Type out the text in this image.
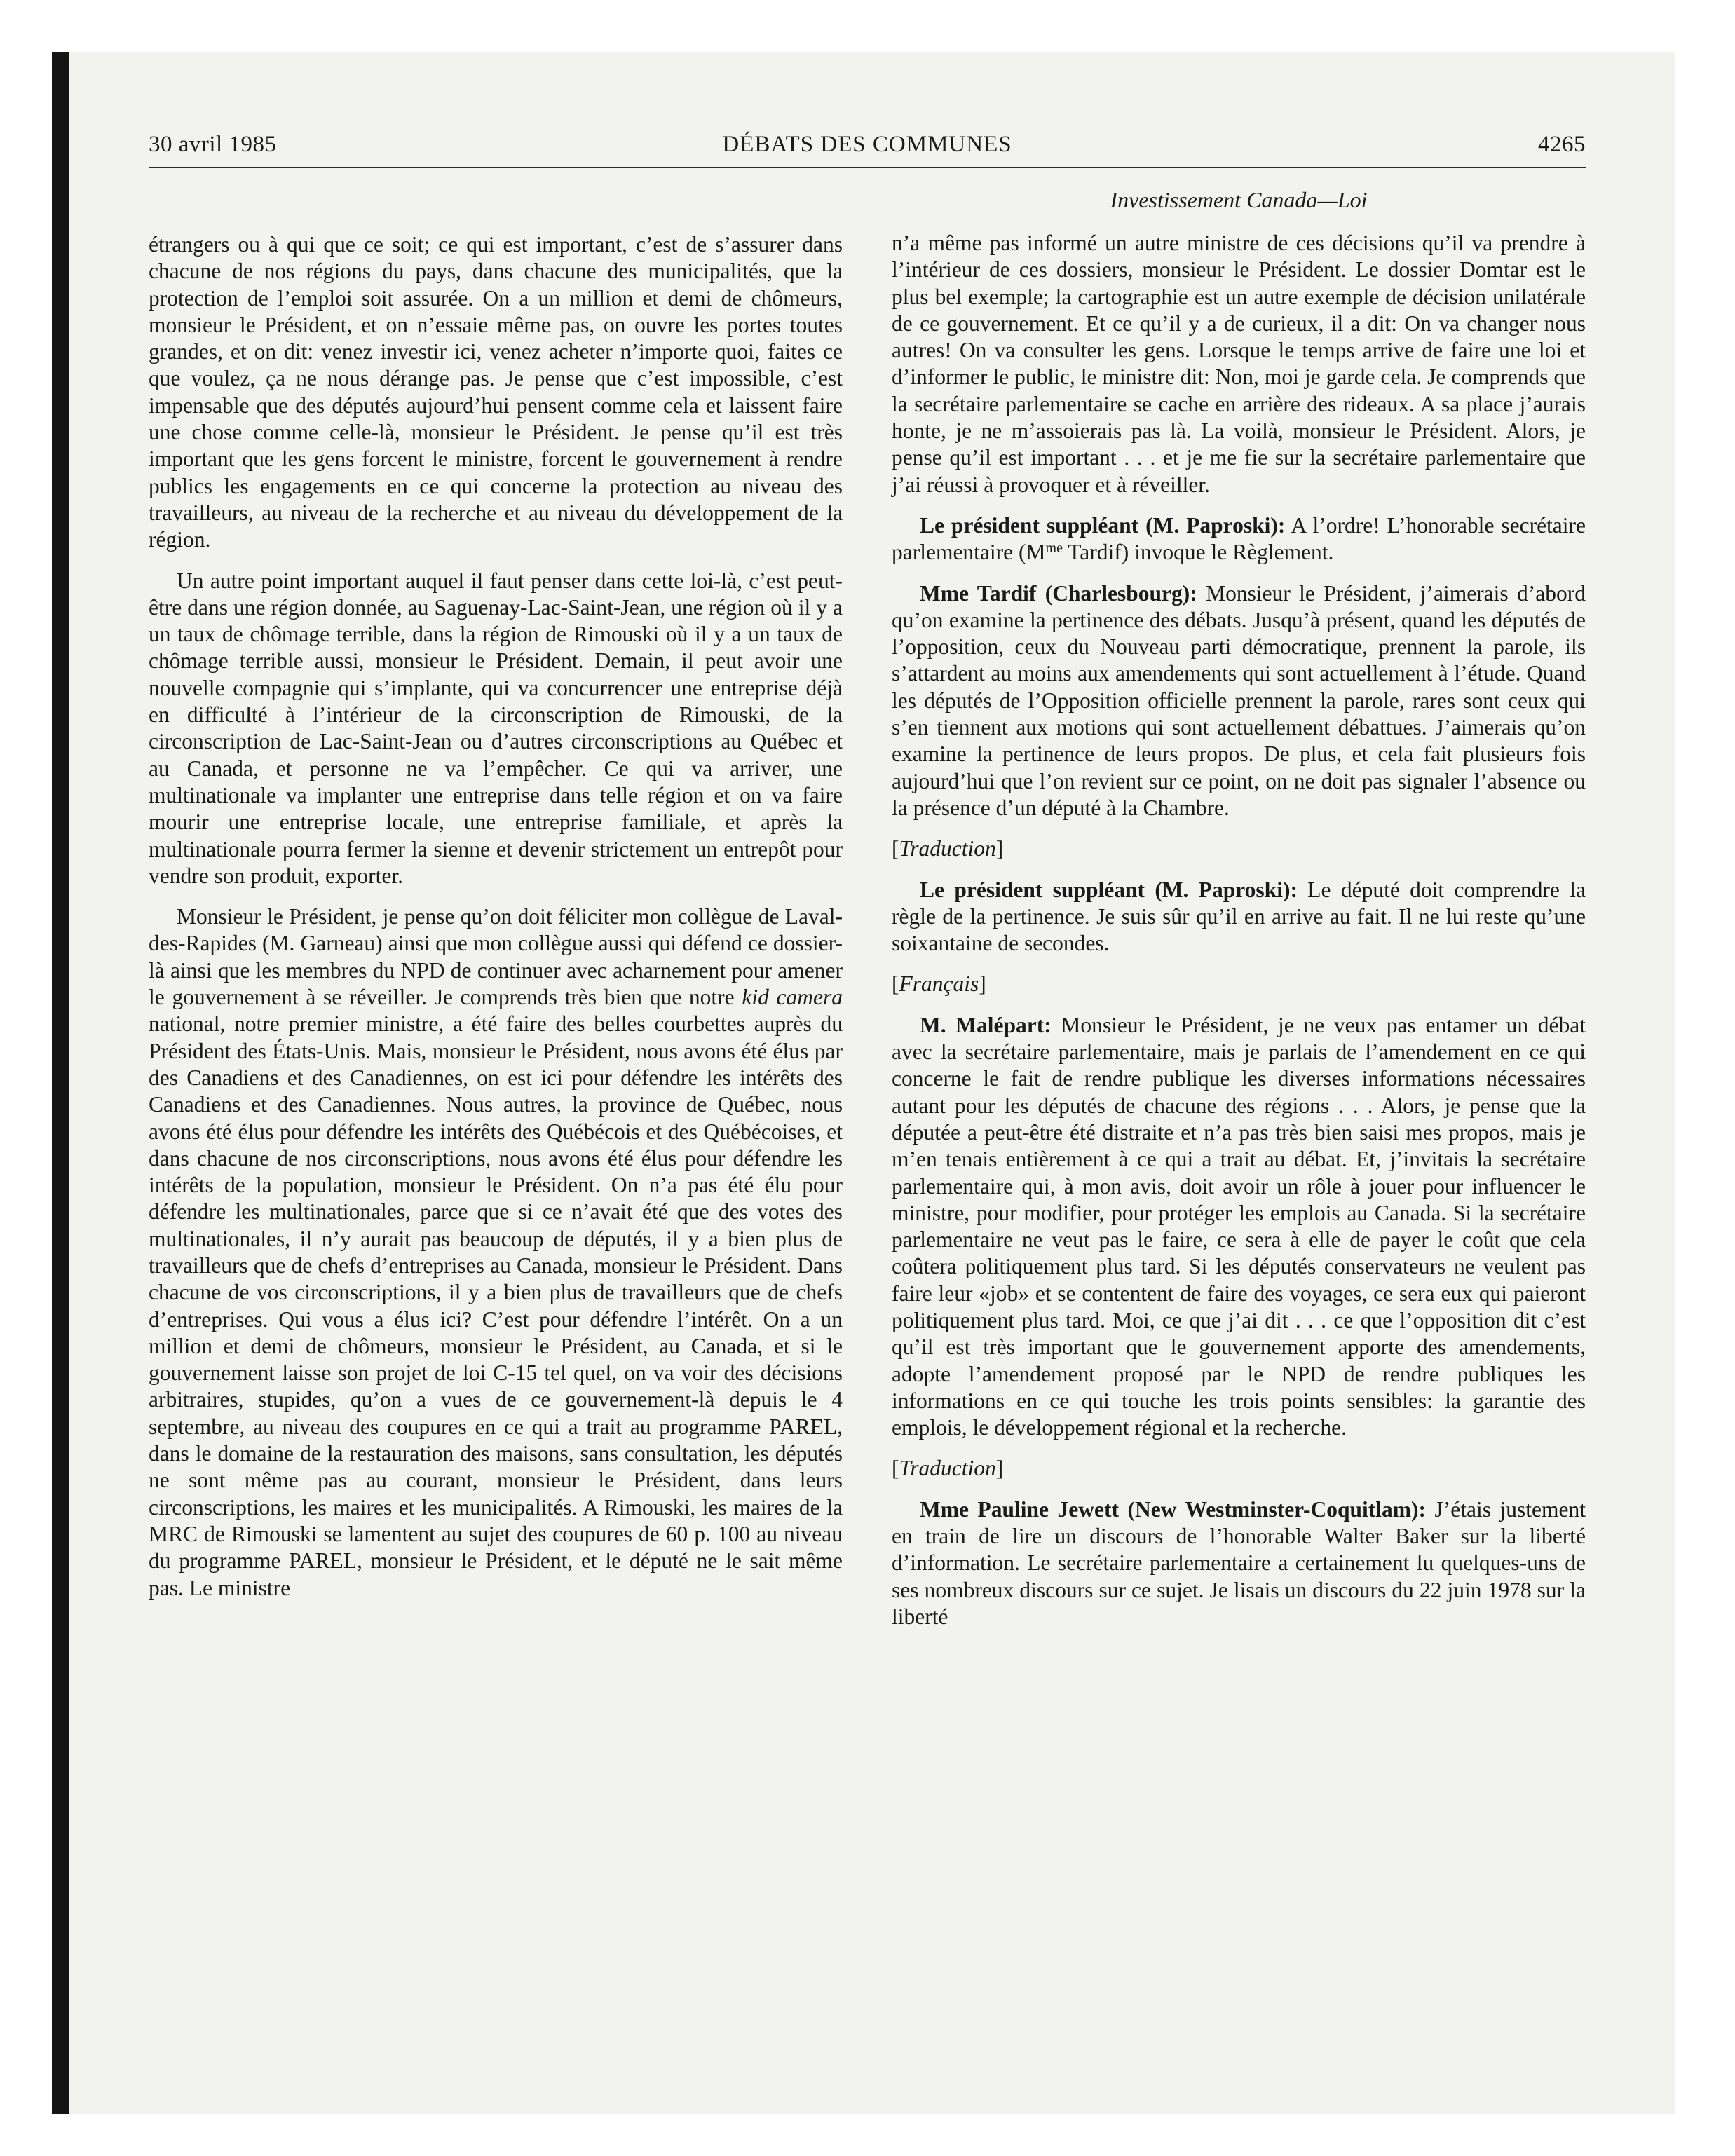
30 avril 1985	DÉBATS DES COMMUNES	4265

étrangers ou à qui que ce soit; ce qui est important, c’est de s’assurer dans chacune de nos régions du pays, dans chacune des municipalités, que la protection de l’emploi soit assurée. On a un million et demi de chômeurs, monsieur le Président, et on n’essaie même pas, on ouvre les portes toutes grandes, et on dit: venez investir ici, venez acheter n’importe quoi, faites ce que voulez, ça ne nous dérange pas. Je pense que c’est impossible, c’est impensable que des députés aujourd’hui pensent comme cela et laissent faire une chose comme celle-là, monsieur le Président. Je pense qu’il est très important que les gens forcent le ministre, forcent le gouvernement à rendre publics les engagements en ce qui concerne la protection au niveau des travailleurs, au niveau de la recherche et au niveau du développement de la région.

Un autre point important auquel il faut penser dans cette loi-là, c’est peut-être dans une région donnée, au Saguenay-Lac-Saint-Jean, une région où il y a un taux de chômage terrible, dans la région de Rimouski où il y a un taux de chômage terrible aussi, monsieur le Président. Demain, il peut avoir une nouvelle compagnie qui s’implante, qui va concurrencer une entreprise déjà en difficulté à l’intérieur de la circonscription de Rimouski, de la circonscription de Lac-Saint-Jean ou d’autres circonscriptions au Québec et au Canada, et personne ne va l’empêcher. Ce qui va arriver, une multinationale va implanter une entreprise dans telle région et on va faire mourir une entreprise locale, une entreprise familiale, et après la multinationale pourra fermer la sienne et devenir strictement un entrepôt pour vendre son produit, exporter.

Monsieur le Président, je pense qu’on doit féliciter mon collègue de Laval-des-Rapides (M. Garneau) ainsi que mon collègue aussi qui défend ce dossier-là ainsi que les membres du NPD de continuer avec acharnement pour amener le gouvernement à se réveiller. Je comprends très bien que notre kid camera national, notre premier ministre, a été faire des belles courbettes auprès du Président des États-Unis. Mais, monsieur le Président, nous avons été élus par des Canadiens et des Canadiennes, on est ici pour défendre les intérêts des Canadiens et des Canadiennes. Nous autres, la province de Québec, nous avons été élus pour défendre les intérêts des Québécois et des Québécoises, et dans chacune de nos circonscriptions, nous avons été élus pour défendre les intérêts de la population, monsieur le Président. On n’a pas été élu pour défendre les multinationales, parce que si ce n’avait été que des votes des multinationales, il n’y aurait pas beaucoup de députés, il y a bien plus de travailleurs que de chefs d’entreprises au Canada, monsieur le Président. Dans chacune de vos circonscriptions, il y a bien plus de travailleurs que de chefs d’entreprises. Qui vous a élus ici? C’est pour défendre l’intérêt. On a un million et demi de chômeurs, monsieur le Président, au Canada, et si le gouvernement laisse son projet de loi C-15 tel quel, on va voir des décisions arbitraires, stupides, qu’on a vues de ce gouvernement-là depuis le 4 septembre, au niveau des coupures en ce qui a trait au programme PAREL, dans le domaine de la restauration des maisons, sans consultation, les députés ne sont même pas au courant, monsieur le Président, dans leurs circonscriptions, les maires et les municipalités. A Rimouski, les maires de la MRC de Rimouski se lamentent au sujet des coupures de 60 p. 100 au niveau du programme PAREL, monsieur le Président, et le député ne le sait même pas. Le ministre

Investissement Canada—Loi

n’a même pas informé un autre ministre de ces décisions qu’il va prendre à l’intérieur de ces dossiers, monsieur le Président. Le dossier Domtar est le plus bel exemple; la cartographie est un autre exemple de décision unilatérale de ce gouvernement. Et ce qu’il y a de curieux, il a dit: On va changer nous autres! On va consulter les gens. Lorsque le temps arrive de faire une loi et d’informer le public, le ministre dit: Non, moi je garde cela. Je comprends que la secrétaire parlementaire se cache en arrière des rideaux. A sa place j’aurais honte, je ne m’assoierais pas là. La voilà, monsieur le Président. Alors, je pense qu’il est important . . . et je me fie sur la secrétaire parlementaire que j’ai réussi à provoquer et à réveiller.

Le président suppléant (M. Paproski): A l’ordre! L’honorable secrétaire parlementaire ($M^{me}$ Tardif) invoque le Règlement.

Mme Tardif (Charlesbourg): Monsieur le Président, j’aimerais d’abord qu’on examine la pertinence des débats. Jusqu’à présent, quand les députés de l’opposition, ceux du Nouveau parti démocratique, prennent la parole, ils s’attardent au moins aux amendements qui sont actuellement à l’étude. Quand les députés de l’Opposition officielle prennent la parole, rares sont ceux qui s’en tiennent aux motions qui sont actuellement débattues. J’aimerais qu’on examine la pertinence de leurs propos. De plus, et cela fait plusieurs fois aujourd’hui que l’on revient sur ce point, on ne doit pas signaler l’absence ou la présence d’un député à la Chambre.

[Traduction]

Le président suppléant (M. Paproski): Le député doit comprendre la règle de la pertinence. Je suis sûr qu’il en arrive au fait. Il ne lui reste qu’une soixantaine de secondes.

[Français]

M. Malépart: Monsieur le Président, je ne veux pas entamer un débat avec la secrétaire parlementaire, mais je parlais de l’amendement en ce qui concerne le fait de rendre publique les diverses informations nécessaires autant pour les députés de chacune des régions . . . Alors, je pense que la députée a peut-être été distraite et n’a pas très bien saisi mes propos, mais je m’en tenais entièrement à ce qui a trait au débat. Et, j’invitais la secrétaire parlementaire qui, à mon avis, doit avoir un rôle à jouer pour influencer le ministre, pour modifier, pour protéger les emplois au Canada. Si la secrétaire parlementaire ne veut pas le faire, ce sera à elle de payer le coût que cela coûtera politiquement plus tard. Si les députés conservateurs ne veulent pas faire leur «job» et se contentent de faire des voyages, ce sera eux qui paieront politiquement plus tard. Moi, ce que j’ai dit . . . ce que l’opposition dit c’est qu’il est très important que le gouvernement apporte des amendements, adopte l’amendement proposé par le NPD de rendre publiques les informations en ce qui touche les trois points sensibles: la garantie des emplois, le développement régional et la recherche.

[Traduction]

Mme Pauline Jewett (New Westminster-Coquitlam): J’étais justement en train de lire un discours de l’honorable Walter Baker sur la liberté d’information. Le secrétaire parlementaire a certainement lu quelques-uns de ses nombreux discours sur ce sujet. Je lisais un discours du 22 juin 1978 sur la liberté
